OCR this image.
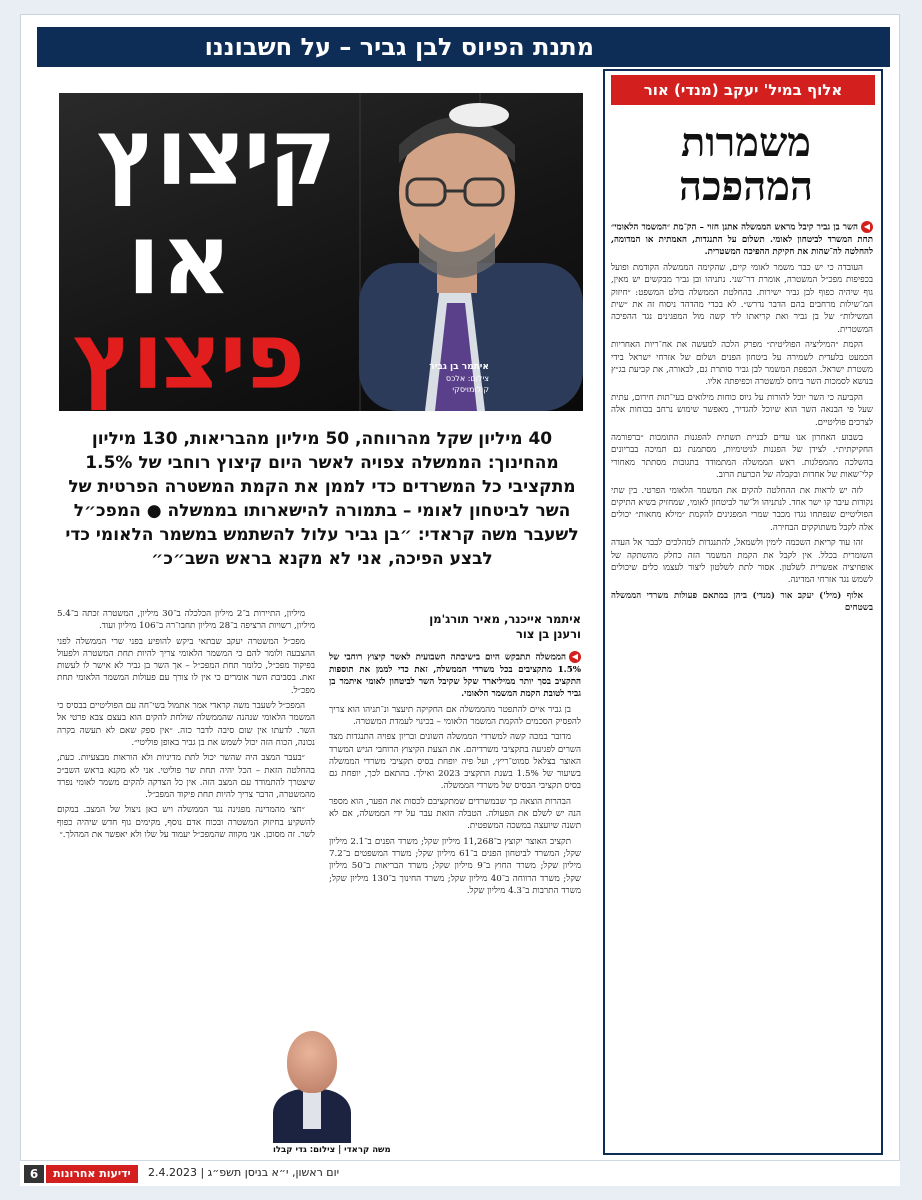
מתנת הפיוס לבן גביר – על חשבוננו
אלוף במיל' יעקב (מנדי) אור
משמרות
המהפכה

◀השר בן גביר קיבל מראש הממשלה אתנן חזוי – הק־מת ״המשמר הלאומי״ תחת המשרד לביטחון לאומי. תשלום על התנגדות, האמתית או המדומה, להחלטה לה־שהות את חקיקת ההפיכה המשטרית.

העובדה כי יש כבר משמר לאומי קיים, שהקימה הממשלה הקודמת ופועל בכפיפות מפכ״ל המשטרה, אומרת דר־שני. נתניהו ובן גביר מבקשים יש מאין, גוף שיהיה כפוף לבן גביר ישירות. בהחלטת הממשלה בולט המשפט: ״חיזוק המ־שילות מרחבים בהם הדבר נדרש״. לא בכדי מהדהד ניסוח זה את ״שית המשילות״ של בן גביר ואת קריאתו ליד קשה מול המפגינים נגד ההפיכה המשטרית.

הקמת ״המיליציה הפוליטית״ מפרק הלכה למעשה את אח־ריות האחריות הכמעט בלעדית לשמירה על ביטחון הפנים ושלום של אזרחי ישראל בידי משטרת ישראל. הכפפת המשמר לבן גביר סותרת גם, לכאורה, את קביעת בג״ץ בנושא לסמכות השר ביחס למשטרה וכפיפתה אליו.

הקביעה כי השר יוכל להורות על גיוס כוחות מילואים בעי־תות חירום, עתית שעל פי הבנאה השר הוא שיוכל להגדיר, מאפשר שימוש נרחב בכוחות אלה לצרכים פוליטיים.

בשבוע האחרון אנו עדים לבניית תשתית להפגנות התומכות ״ברפורמה החקיקתית״. לצידן של הפגנות לגיטימיות, מסתמנת גם תמיכה בבריונים בהשלכה מהמפלגות. ראש הממשלה המתמודד בתגובות מסתתר מאחורי קלי־שאות של אחדות ובקבלה של הכרעת הרוב.

לזה יש לראות את ההחלטה להקים את המשמר הלאומי הפרטי. בין שתי נקודות עיבר קו ישר אחד. לנתניהו ול־שר לביטחון לאומי, שמחזיק בשיא התיקים הפוליטיים שנפתחו נגדו מכבר שמרי המפגינים להקמת ״מילא מחאות״ יכולים אלה לקבל משתוקקים הבחירה.

זהו עוד קריאת השכמה לימין ולשמאל, להתנגדות למהלכים לבבר אל העדה השומרית בכלל. אין לקבל את הקמת המשמר הזה כחלק מהשתקה של אופוזיציה אפשרית לשלטון. אסור לתת לשלטון ליצור לעצמו כלים שיכולים לשמש נגד אזרחי המדינה.

אלוף (מיל') יעקב אור (מנדי) ביהן במתאם פעולות משרדי הממשלה בשטחים

קיצוץ
או
פיצוץ	איתמר בן גביר
צילום: אלכס קולומויסקי
40 מיליון שקל מהרווחה, 50 מיליון מהבריאות, 130 מיליון מהחינוך: הממשלה צפויה לאשר היום קיצוץ רוחבי של 1.5% מתקציבי כל המשרדים כדי לממן את הקמת המשטרה הפרטית של השר לביטחון לאומי – בתמורה להישארותו בממשלה ● המפכ״ל לשעבר משה קראדי: ״בן גביר עלול להשתמש במשמר הלאומי כדי לבצע הפיכה, אני לא מקנא בראש השב״כ״
איתמר אייכנר, מאיר תורג'מן ורענן בן צור

◀הממשלה תתבקש היום בישיבתה השבועית לאשר קיצוץ רוחבי של 1.5% מתקציבים בכל משרדי הממשלה, זאת כדי לממן את תוספות התקציב בסך יותר ממיליארד שקל שקיבל השר לביטחון לאומי איתמר בן גביר לטובת הקמת המשמר הלאומי.

בן גביר איים להתפטר מהממשלה אם החקיקה תיעצר ונ־תניהו הוא צריך להפסיק הסכמים להקמת המשמר הלאומי – בכינוי לעמדת המשטרה.

מדובר במכה קשה למשרדי הממשלה השונים ובריון צפויה התנגדות מצד השרים לפגיעה בתקציבי משרדיהם. את הצעת הקיצוץ הרוחבי הגיש המשרד האוצר בצלאל סמוט־ריץ׳, ועל פיה יופחת בסיס תקציבי משרדי הממשלה בשיעור של 1.5% בשנת התקציב 2023 ואילך. בהתאם לכך, יופחת גם בסיס תקציבי הבסיס של משרדי הממשלה.

הבהרות הוצאה כך שבמשרדים שמתקציבם לכסות את הפער, הוא מספר הנה יש לשלם את הפעולה. הטבלה הזאת עבר על ידי הממשלה, אם לא תשנה שיועצה במשכה המשפטית.

תקציב האוצר יקוצץ ב־11,268 מיליון שקל; משרד הפנים ב־2.1 מיליון שקל; המשרד לביטחון הפנים ב־61 מיליון שקל; משרד המשפטים ב־7.2 מיליון שקל; משרד החוץ ב־9 מיליון שקל; משרד הבריאות ב־50 מיליון שקל; משרד הרווחה ב־40 מיליון שקל; משרד החינוך ב־130 מיליון שקל; משרד התרבות ב־4.3 מיליון שקל.

מיליון, התיירות ב־2 מיליון הכלכלה ב־30 מיליון, המשטרה זכתה ב־5.4 מיליון, רשויות הרציפה ב־28 מיליון תחבו־רה ב־106 מיליון ועוד.

מפכ״ל המשטרה יעקב שבתאי ביקש להופיע בפני שרי הממשלה לפני ההצבעה ולומר להם כי המשמר הלאומי צריך להיות תחת המשטרה ולפעול בפיקוד מפכ״ל, כלומר תחת המפכ״ל – אך השר בן גביר לא אישר לו לעשות זאת. בסביבת השר אומרים כי אין לו צורך עם פעולות המשמר הלאומי תחת מפכ״ל.

המפכ״ל לשעבר משה קראדי אמר אתמול בשי־חה עם הפוליטיים בבסיס כי המשמר הלאומי שנהנה שהממשלה שולחת להקים הוא בעצם צבא פרטי אל השר. לדעתו אין שום סיבה לדבר כזה. ״אין ספק שאם לא תעשה בקרה נכונה, הכוח הזה יכול לשמש את בן גביר באופן פוליטי״.

״בעבר המצב היה שהשר יכול לתת מדיניות ולא הוראות מבצעיות. כעת, בהחלטה הזאת – הכל יהיה תחת שר פוליטי. אני לא מקנא בראש השב״כ שיצטרך להתמודד עם המצב הזה. אין כל הצדקה להקים משמר לאומי נפרד מהמשטרה, הדבר צריך להיות תחת פיקוד המפכ״ל.

״חצי מהמדינה מפגינה נגד הממשלה ויש כאן ניצול של המצב. במקום להשקיע בחיזוק המשטרה ובכוח אדם נוסף, מקימים גוף חדש שיהיה כפוף לשר. זה מסוכן. אני מקווה שהמפכ״ל יעמוד על שלו ולא יאפשר את המהלך.״

משה קראדי | צילום: גדי קבלו
6	ידיעות אחרונות	יום ראשון, י״א בניסן תשפ״ג | 2.4.2023
